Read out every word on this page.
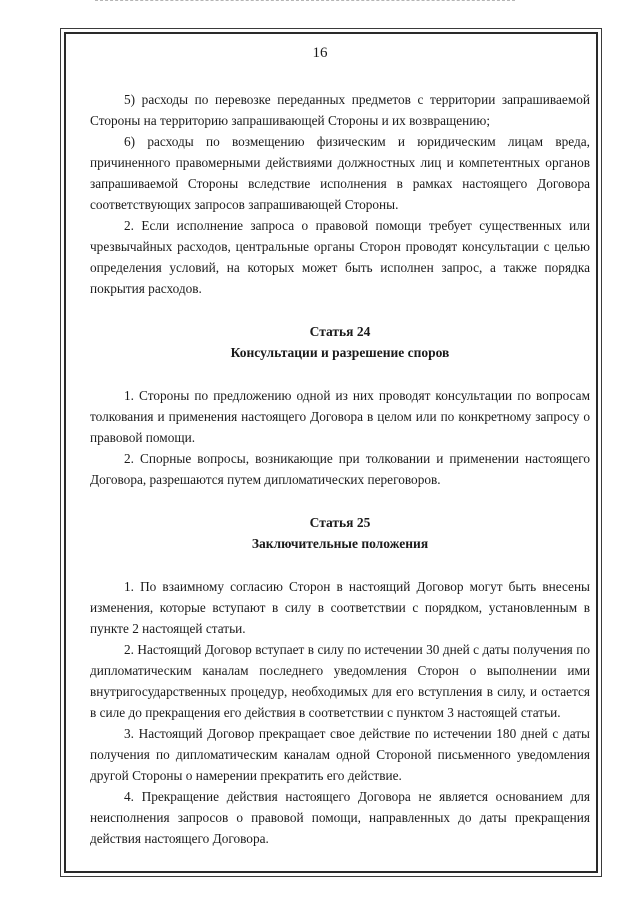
16

5) расходы по перевозке переданных предметов с территории запрашиваемой Стороны на территорию запрашивающей Стороны и их возвращению;

6) расходы по возмещению физическим и юридическим лицам вреда, причиненного правомерными действиями должностных лиц и компетентных органов запрашиваемой Стороны вследствие исполнения в рамках настоящего Договора соответствующих запросов запрашивающей Стороны.

2. Если исполнение запроса о правовой помощи требует существенных или чрезвычайных расходов, центральные органы Сторон проводят консультации с целью определения условий, на которых может быть исполнен запрос, а также порядка покрытия расходов.

Статья 24
Консультации и разрешение споров

1. Стороны по предложению одной из них проводят консультации по вопросам толкования и применения настоящего Договора в целом или по конкретному запросу о правовой помощи.

2. Спорные вопросы, возникающие при толковании и применении настоящего Договора, разрешаются путем дипломатических переговоров.

Статья 25
Заключительные положения

1. По взаимному согласию Сторон в настоящий Договор могут быть внесены изменения, которые вступают в силу в соответствии с порядком, установленным в пункте 2 настоящей статьи.

2. Настоящий Договор вступает в силу по истечении 30 дней с даты получения по дипломатическим каналам последнего уведомления Сторон о выполнении ими внутригосударственных процедур, необходимых для его вступления в силу, и остается в силе до прекращения его действия в соответствии с пунктом 3 настоящей статьи.

3. Настоящий Договор прекращает свое действие по истечении 180 дней с даты получения по дипломатическим каналам одной Стороной письменного уведомления другой Стороны о намерении прекратить его действие.

4. Прекращение действия настоящего Договора не является основанием для неисполнения запросов о правовой помощи, направленных до даты прекращения действия настоящего Договора.
